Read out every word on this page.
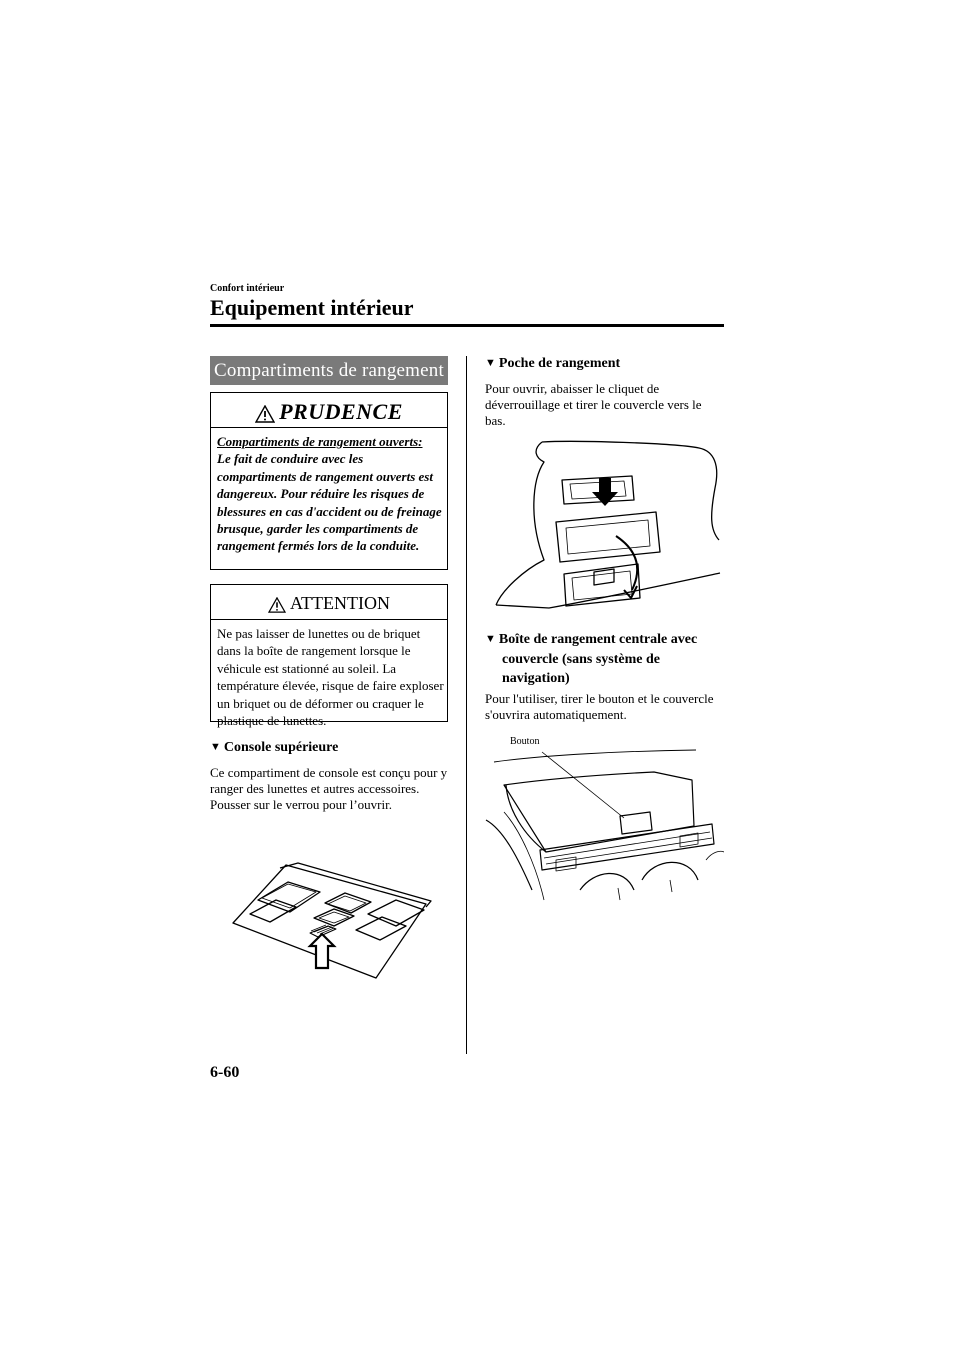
Confort intérieur
Equipement intérieur
Compartiments de rangement
PRUDENCE
Compartiments de rangement ouverts:
Le fait de conduire avec les compartiments de rangement ouverts est dangereux. Pour réduire les risques de blessures en cas d'accident ou de freinage brusque, garder les compartiments de rangement fermés lors de la conduite.
ATTENTION
Ne pas laisser de lunettes ou de briquet dans la boîte de rangement lorsque le véhicule est stationné au soleil. La température élevée, risque de faire exploser un briquet ou de déformer ou craquer le plastique de lunettes.
▼ Console supérieure
Ce compartiment de console est conçu pour y ranger des lunettes et autres accessoires.
Pousser sur le verrou pour l’ouvrir.
▼ Poche de rangement
Pour ouvrir, abaisser le cliquet de déverrouillage et tirer le couvercle vers le bas.
▼ Boîte de rangement centrale avec
couvercle (sans système de
navigation)
Pour l'utiliser, tirer le bouton et le couvercle s'ouvrira automatiquement.
Bouton
6-60
